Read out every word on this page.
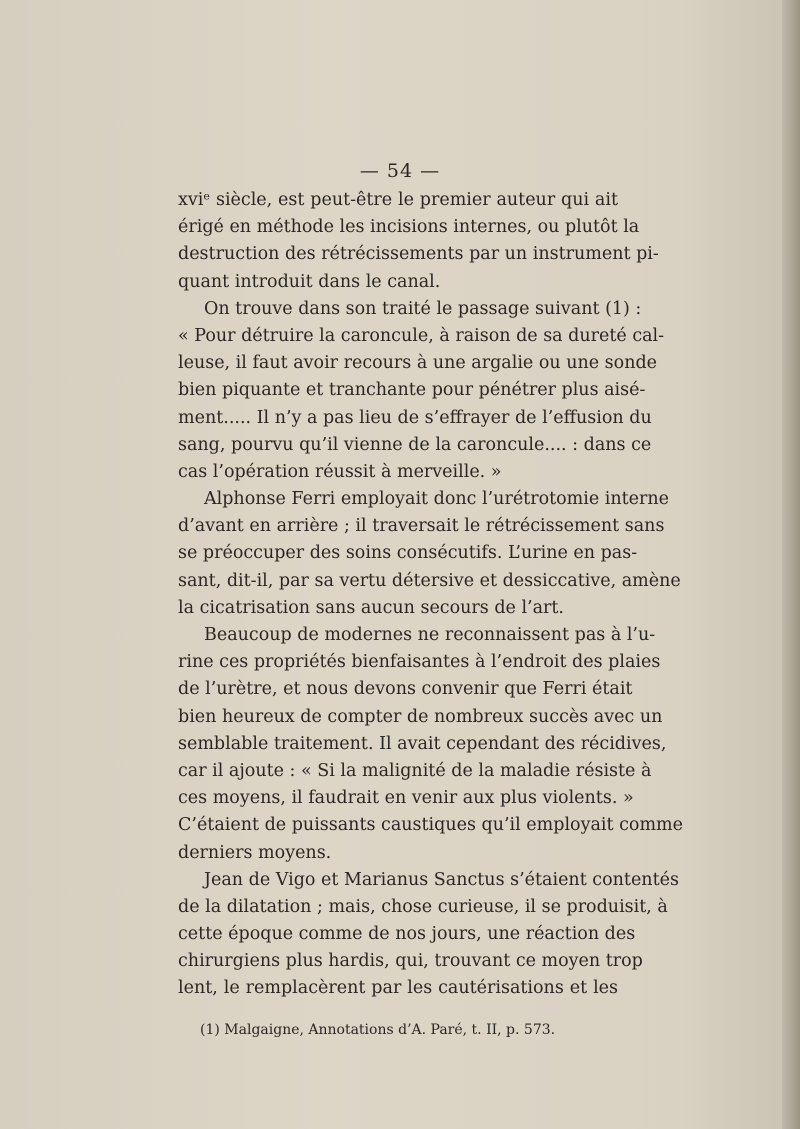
— 54 —
xviᵉ siècle, est peut-être le premier auteur qui ait
érigé en méthode les incisions internes, ou plutôt la
destruction des rétrécissements par un instrument pi-
quant introduit dans le canal.
On trouve dans son traité le passage suivant (1) :
« Pour détruire la caroncule, à raison de sa dureté cal-
leuse, il faut avoir recours à une argalie ou une sonde
bien piquante et tranchante pour pénétrer plus aisé-
ment..... Il n’y a pas lieu de s’effrayer de l’effusion du
sang, pourvu qu’il vienne de la caroncule.... : dans ce
cas l’opération réussit à merveille. »
Alphonse Ferri employait donc l’urétrotomie interne
d’avant en arrière ; il traversait le rétrécissement sans
se préoccuper des soins consécutifs. L’urine en pas-
sant, dit-il, par sa vertu détersive et dessiccative, amène
la cicatrisation sans aucun secours de l’art.
Beaucoup de modernes ne reconnaissent pas à l’u-
rine ces propriétés bienfaisantes à l’endroit des plaies
de l’urètre, et nous devons convenir que Ferri était
bien heureux de compter de nombreux succès avec un
semblable traitement. Il avait cependant des récidives,
car il ajoute : « Si la malignité de la maladie résiste à
ces moyens, il faudrait en venir aux plus violents. »
C’étaient de puissants caustiques qu’il employait comme
derniers moyens.
Jean de Vigo et Marianus Sanctus s’étaient contentés
de la dilatation ; mais, chose curieuse, il se produisit, à
cette époque comme de nos jours, une réaction des
chirurgiens plus hardis, qui, trouvant ce moyen trop
lent, le remplacèrent par les cautérisations et les
(1) Malgaigne, Annotations d’A. Paré, t. II, p. 573.
